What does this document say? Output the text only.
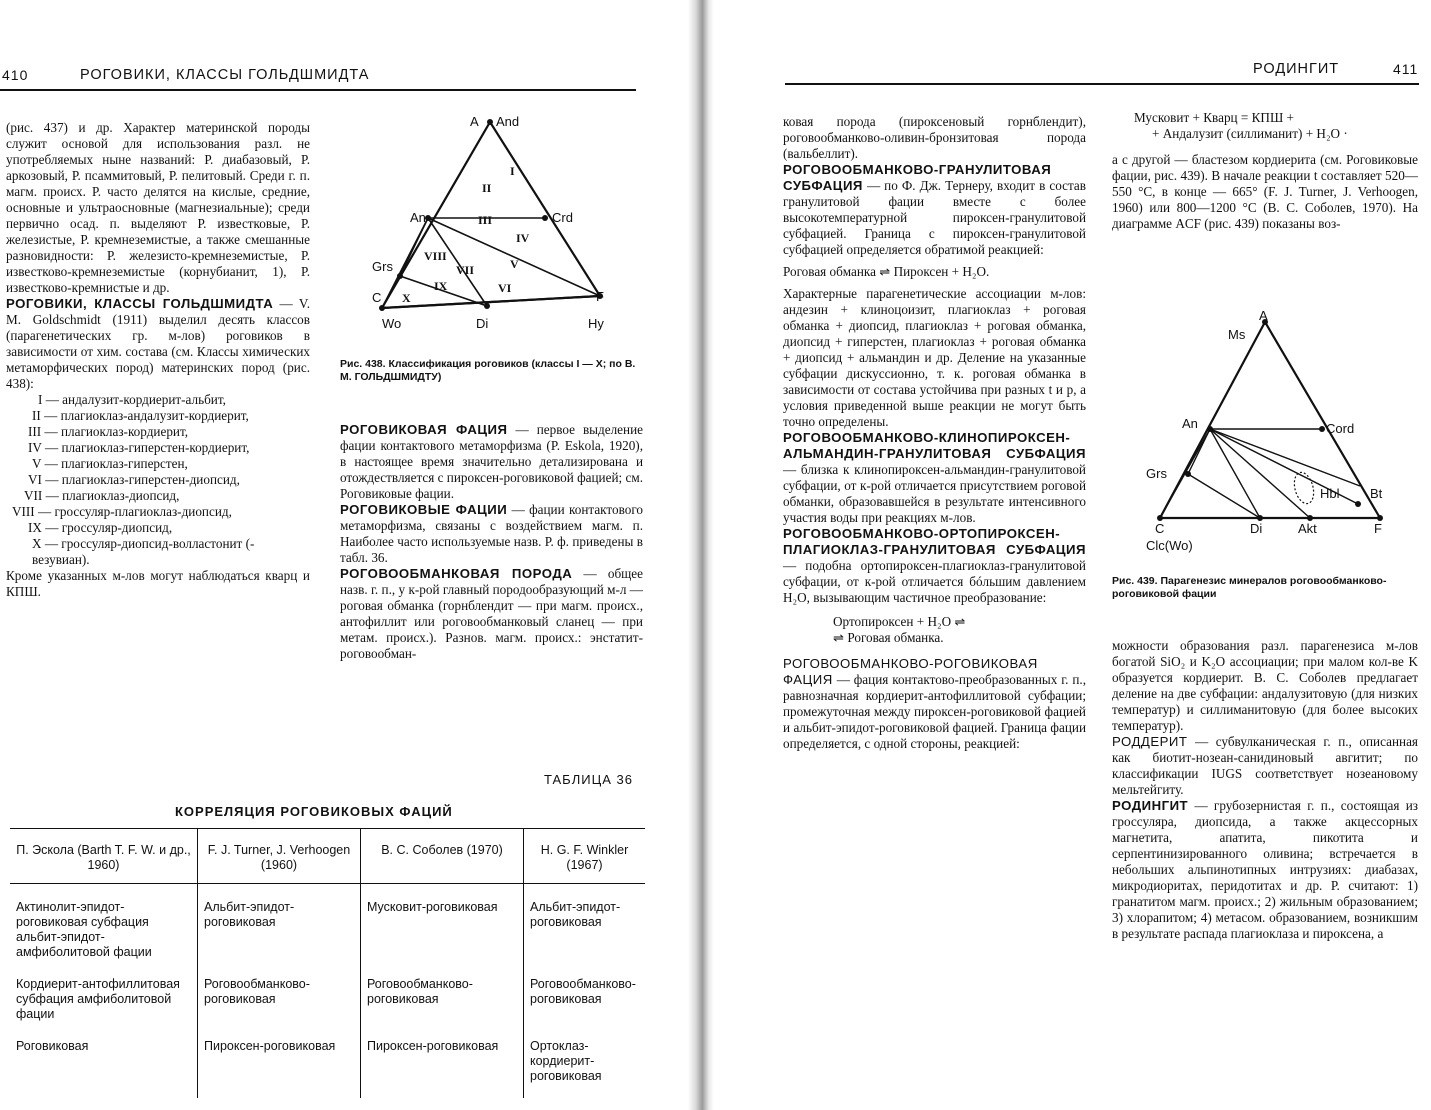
410	РОГОВИКИ, КЛАССЫ ГОЛЬДШМИДТА

(рис. 437) и др. Характер материнской породы служит основой для использования разл. не употребляемых ныне названий: Р. диабазовый, Р. аркозовый, Р. псаммитовый, Р. пелитовый. Среди г. п. магм. происх. Р. часто делятся на кислые, средние, основные и ультраосновные (магнезиальные); среди первично осад. п. выделяют Р. известковые, Р. железистые, Р. кремнеземистые, а также смешанные разновидности: Р. железисто-кремнеземистые, Р. известково-кремнеземистые (корнубианит, 1), Р. известково-кремнистые и др.

РОГОВИКИ, КЛАССЫ ГОЛЬДШМИДТА — V. M. Goldschmidt (1911) выделил десять классов (парагенетических гр. м-лов) роговиков в зависимости от хим. состава (см. Классы химических метаморфических пород) материнских пород (рис. 438):

I — андалузит-кордиерит-альбит,
II — плагиоклаз-андалузит-кордиерит,
III — плагиоклаз-кордиерит,
IV — плагиоклаз-гиперстен-кордиерит,
V — плагиоклаз-гиперстен,
VI — плагиоклаз-гиперстен-диопсид,
VII — плагиоклаз-диопсид,
VIII — гроссуляр-плагиоклаз-диопсид,
IX — гроссуляр-диопсид,
X — гроссуляр-диопсид-волластонит (-везувиан).

Кроме указанных м-лов могут наблюдаться кварц и КПШ.

A And
An	Crd
Grs
C	F
Wo	Di	Hy
I
II
III
IV
V
VI
VII
VIII
IX
X
Рис. 438. Классификация роговиков (классы I — X; по В. М. ГОЛЬДШМИДТУ)

РОГОВИКОВАЯ ФАЦИЯ — первое выделение фации контактового метаморфизма (P. Eskola, 1920), в настоящее время значительно детализирована и отождествляется с пироксен-роговиковой фацией; см. Роговиковые фации.

РОГОВИКОВЫЕ ФАЦИИ — фации контактового метаморфизма, связаны с воздействием магм. п. Наиболее часто используемые назв. Р. ф. приведены в табл. 36.

РОГОВООБМАНКОВАЯ ПОРОДА — общее назв. г. п., у к-рой главный породообразующий м-л — роговая обманка (горнблендит — при магм. происх., антофиллит или роговообманковый сланец — при метам. происх.). Разнов. магм. происх.: энстатит-роговообман-

ТАБЛИЦА 36
КОРРЕЛЯЦИЯ РОГОВИКОВЫХ ФАЦИЙ
П. Эскола (Barth T. F. W. и др., 1960)	F. J. Turner, J. Verhoogen (1960)	В. С. Соболев (1970)	H. G. F. Winkler (1967)
Актинолит-эпидот-роговиковая субфация альбит-эпидот-амфиболитовой фации	Альбит-эпидот-роговиковая	Мусковит-роговиковая	Альбит-эпидот-роговиковая
Кордиерит-антофиллитовая субфация амфиболитовой фации	Роговообманково-роговиковая	Роговообманково-роговиковая	Роговообманково-роговиковая
Роговиковая	Пироксен-роговиковая	Пироксен-роговиковая	Ортоклаз-кордиерит-роговиковая
РОДИНГИТ	411

ковая порода (пироксеновый горнблендит), роговообманково-оливин-бронзитовая порода (вальбеллит).

РОГОВООБМАНКОВО-ГРАНУЛИТОВАЯ СУБФАЦИЯ — по Ф. Дж. Тернеру, входит в состав гранулитовой фации вместе с более высокотемпературной пироксен-гранулитовой субфацией. Граница с пироксен-гранулитовой субфацией определяется обратимой реакцией:

Роговая обманка ⇌ Пироксен + H₂O.

Характерные парагенетические ассоциации м-лов: андезин + клиноцоизит, плагиоклаз + роговая обманка + диопсид, плагиоклаз + роговая обманка, диопсид + гиперстен, плагиоклаз + роговая обманка + диопсид + альмандин и др. Деление на указанные субфации дискуссионно, т. к. роговая обманка в зависимости от состава устойчива при разных t и p, а условия приведенной выше реакции не могут быть точно определены.

РОГОВООБМАНКОВО-КЛИНОПИРОКСЕН-АЛЬМАНДИН-ГРАНУЛИТОВАЯ СУБФАЦИЯ — близка к клинопироксен-альмандин-гранулитовой субфации, от к-рой отличается присутствием роговой обманки, образовавшейся в результате интенсивного участия воды при реакциях м-лов.

РОГОВООБМАНКОВО-ОРТОПИРОКСЕН-ПЛАГИОКЛАЗ-ГРАНУЛИТОВАЯ СУБФАЦИЯ — подобна ортопироксен-плагиоклаз-гранулитовой субфации, от к-рой отличается бóльшим давлением H₂O, вызывающим частичное преобразование:

Ортопироксен + H₂O ⇌

⇌ Роговая обманка.

РОГОВООБМАНКОВО-РОГОВИКОВАЯ ФАЦИЯ — фация контактово-преобразованных г. п., равнозначная кордиерит-антофиллитовой субфации; промежуточная между пироксен-роговиковой фацией и альбит-эпидот-роговиковой фацией. Граница фации определяется, с одной стороны, реакцией:

Мусковит + Кварц = КПШ +

+ Андалузит (силлиманит) + H₂O ·

а с другой — бластезом кордиерита (см. Роговиковые фации, рис. 439). В начале реакции t составляет 520—550 °C, в конце — 665° (F. J. Turner, J. Verhoogen, 1960) или 800—1200 °C (В. С. Соболев, 1970). На диаграмме ACF (рис. 439) показаны воз-

A
Ms
An	Cord
Grs
Hbl Bt
C	Di	Akt	F
Clc(Wo)
Рис. 439. Парагенезис минералов роговообманково-роговиковой фации

можности образования разл. парагенезиса м-лов богатой SiO₂ и K₂O ассоциации; при малом кол-ве K образуется кордиерит. В. С. Соболев предлагает деление на две субфации: андалузитовую (для низких температур) и силлиманитовую (для более высоких температур).

РОДДЕРИТ — субвулканическая г. п., описанная как биотит-нозеан-санидиновый авгитит; по классификации IUGS соответствует нозеановому мельтейгиту.

РОДИНГИТ — грубозернистая г. п., состоящая из гроссуляра, диопсида, а также акцессорных магнетита, апатита, пикотита и серпентинизированного оливина; встречается в небольших альпинотипных интрузиях: диабазах, микродиоритах, перидотитах и др. Р. считают: 1) гранатитом магм. происх.; 2) жильным образованием; 3) хлорапитом; 4) метасом. образованием, возникшим в результате распада плагиоклаза и пироксена, а
